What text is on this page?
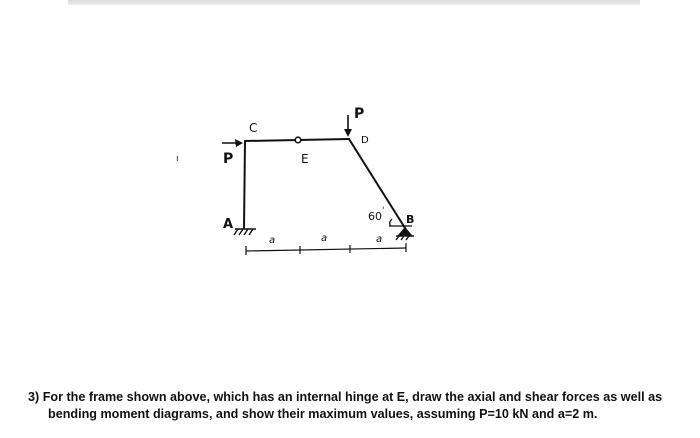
ı
C
P	E
P
D
A	B
60 '
a	a	a
3) For the frame shown above, which has an internal hinge at E, draw the axial and shear forces as well as
bending moment diagrams, and show their maximum values, assuming P=10 kN and a=2 m.
